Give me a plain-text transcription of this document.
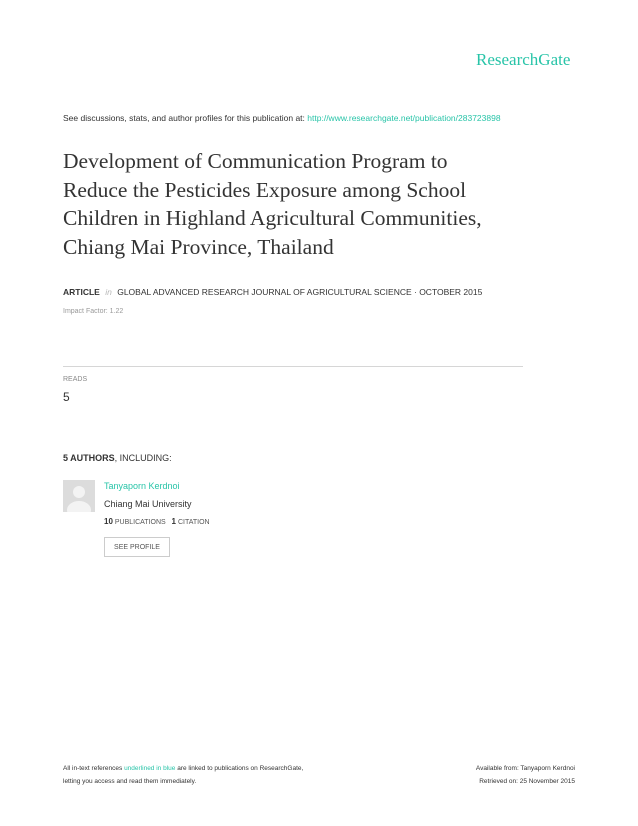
ResearchGate
See discussions, stats, and author profiles for this publication at: http://www.researchgate.net/publication/283723898
Development of Communication Program to
Reduce the Pesticides Exposure among School
Children in Highland Agricultural Communities,
Chiang Mai Province, Thailand
ARTICLE in GLOBAL ADVANCED RESEARCH JOURNAL OF AGRICULTURAL SCIENCE · OCTOBER 2015
Impact Factor: 1.22
READS
5
5 AUTHORS, INCLUDING:
Tanyaporn Kerdnoi
Chiang Mai University
10 PUBLICATIONS 1 CITATION
SEE PROFILE
All in-text references underlined in blue are linked to publications on ResearchGate,
letting you access and read them immediately.
Available from: Tanyaporn Kerdnoi
Retrieved on: 25 November 2015
